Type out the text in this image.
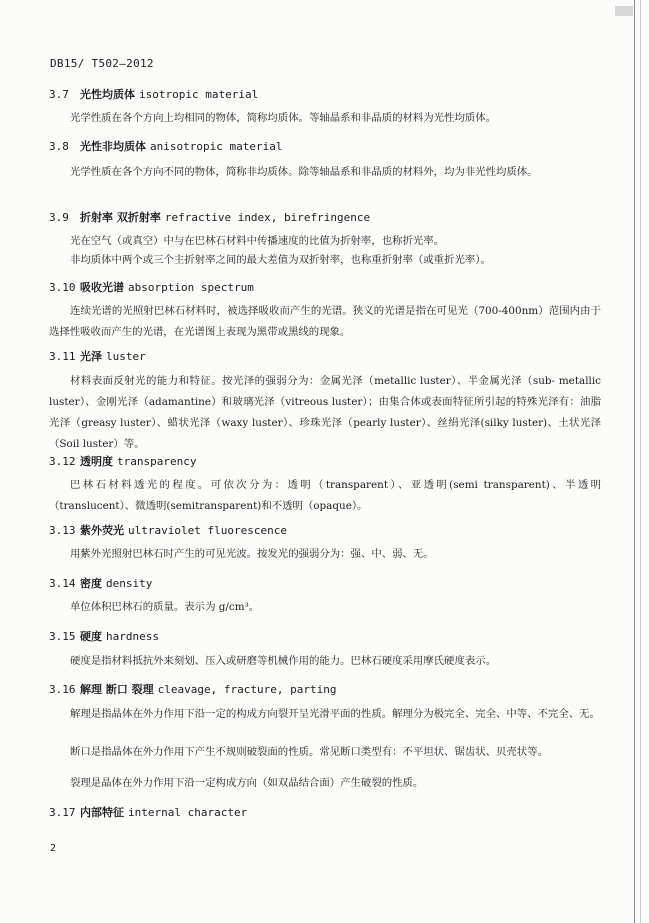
DB15/ T502—2012
3.7 光性均质体 isotropic material
光学性质在各个方向上均相同的物体，简称均质体。等轴晶系和非晶质的材料为光性均质体。
3.8 光性非均质体 anisotropic material
光学性质在各个方向不同的物体，简称非均质体。除等轴晶系和非晶质的材料外，均为非光性均质体。
3.9 折射率 双折射率 refractive index, birefringence
光在空气（或真空）中与在巴林石材料中传播速度的比值为折射率，也称折光率。
非均质体中两个或三个主折射率之间的最大差值为双折射率，也称重折射率（或重折光率）。
3.10 吸收光谱 absorption spectrum
连续光谱的光照射巴林石材料时，被选择吸收而产生的光谱。狭义的光谱是指在可见光（700-400nm）范围内由于选择性吸收而产生的光谱，在光谱图上表现为黑带或黑线的现象。
3.11 光泽 luster
材料表面反射光的能力和特征。按光泽的强弱分为：金属光泽（metallic luster）、半金属光泽（sub- metallic luster）、金刚光泽（adamantine）和玻璃光泽（vitreous luster）；由集合体或表面特征所引起的特殊光泽有：油脂光泽（greasy luster）、蜡状光泽（waxy luster）、珍珠光泽（pearly luster）、丝绢光泽(silky luster)、土状光泽（Soil luster）等。
3.12 透明度 transparency
巴林石材料透光的程度。可依次分为：透明（transparent）、亚透明(semi transparent)、半透明（translucent）、微透明(semitransparent)和不透明（opaque）。
3.13 紫外荧光 ultraviolet fluorescence
用紫外光照射巴林石时产生的可见光波。按发光的强弱分为：强、中、弱、无。
3.14 密度 density
单位体积巴林石的质量。表示为 g/cm³。
3.15 硬度 hardness
硬度是指材料抵抗外来刻划、压入或研磨等机械作用的能力。巴林石硬度采用摩氏硬度表示。
3.16 解理 断口 裂理 cleavage, fracture, parting
解理是指晶体在外力作用下沿一定的构成方向裂开呈光滑平面的性质。解理分为极完全、完全、中等、不完全、无。
断口是指晶体在外力作用下产生不规则破裂面的性质。常见断口类型有：不平坦状、锯齿状、贝壳状等。
裂理是晶体在外力作用下沿一定构成方向（如双晶结合面）产生破裂的性质。
3.17 内部特征 internal character
2
